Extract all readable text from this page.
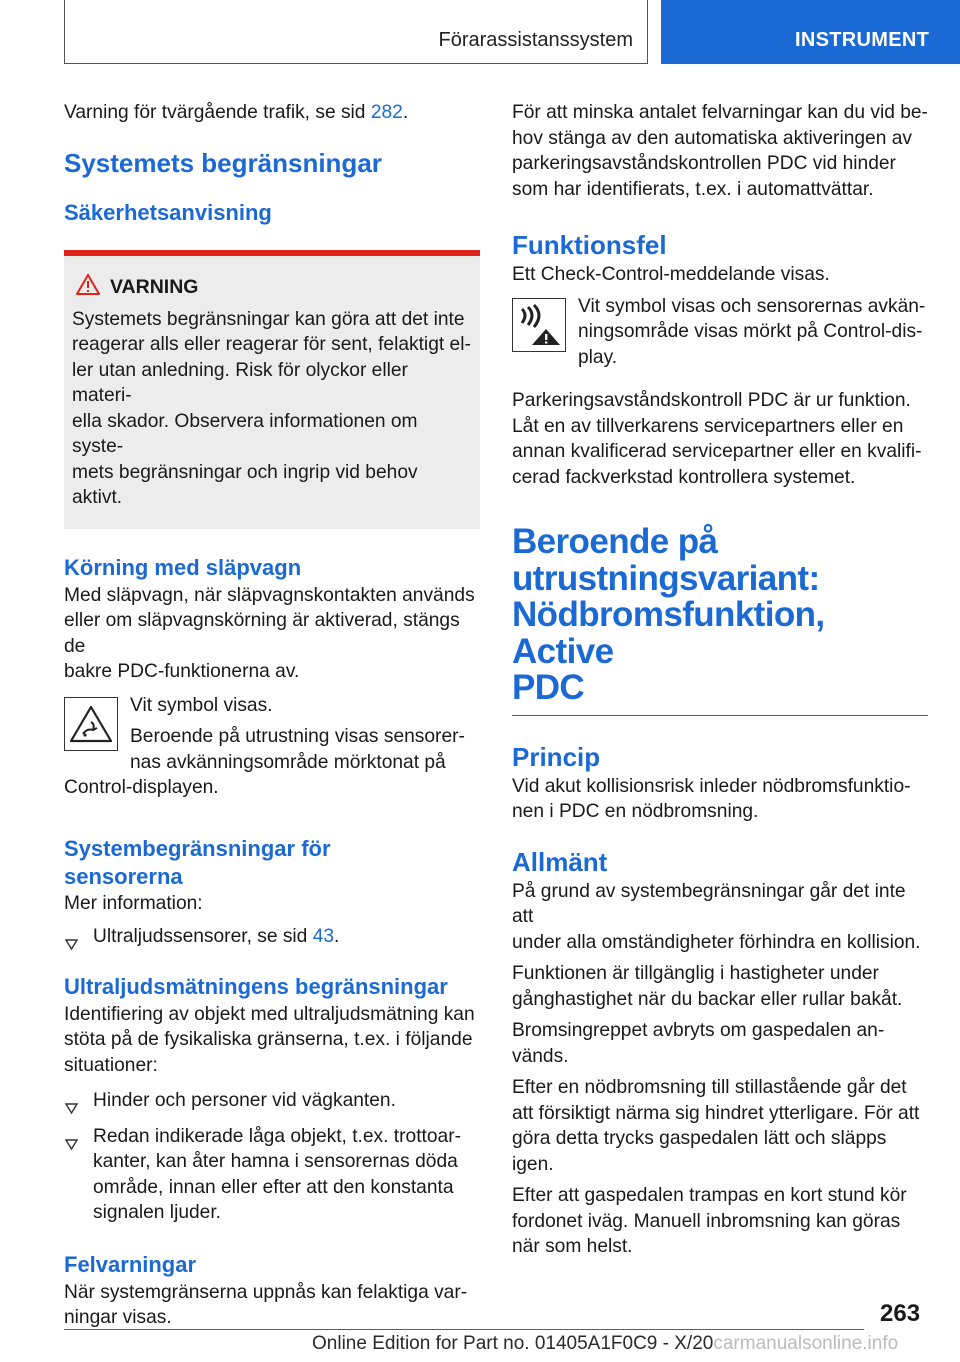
Förarassistanssystem	INSTRUMENT

Varning för tvärgående trafik, se sid 282.

Systemets begränsningar
Säkerhetsanvisning
VARNING

Systemets begränsningar kan göra att det inte
reagerar alls eller reagerar för sent, felaktigt el-
ler utan anledning. Risk för olyckor eller materi-
ella skador. Observera informationen om syste-
mets begränsningar och ingrip vid behov aktivt.

Körning med släpvagn

Med släpvagn, när släpvagnskontakten används
eller om släpvagnskörning är aktiverad, stängs de
bakre PDC-funktionerna av.

Vit symbol visas.

Beroende på utrustning visas sensorer-
nas avkänningsområde mörktonat på

Control-displayen.

Systembegränsningar för
sensorerna

Mer information:

Ultraljudssensorer, se sid 43.
Ultraljudsmätningens begränsningar

Identifiering av objekt med ultraljudsmätning kan
stöta på de fysikaliska gränserna, t.ex. i följande
situationer:

Hinder och personer vid vägkanten.
Redan indikerade låga objekt, t.ex. trottoar-
kanter, kan åter hamna i sensorernas döda
område, innan eller efter att den konstanta
signalen ljuder.
Felvarningar

När systemgränserna uppnås kan felaktiga var-
ningar visas.

För att minska antalet felvarningar kan du vid be-
hov stänga av den automatiska aktiveringen av
parkeringsavståndskontrollen PDC vid hinder
som har identifierats, t.ex. i automattvättar.

Funktionsfel

Ett Check-Control-meddelande visas.

Vit symbol visas och sensorernas avkän-
ningsområde visas mörkt på Control-dis-
play.

Parkeringsavståndskontroll PDC är ur funktion.
Låt en av tillverkarens servicepartners eller en
annan kvalificerad servicepartner eller en kvalifi-
cerad fackverkstad kontrollera systemet.

Beroende på
utrustningsvariant:
Nödbromsfunktion, Active
PDC
Princip

Vid akut kollisionsrisk inleder nödbromsfunktio-
nen i PDC en nödbromsning.

Allmänt

På grund av systembegränsningar går det inte att
under alla omständigheter förhindra en kollision.

Funktionen är tillgänglig i hastigheter under
gånghastighet när du backar eller rullar bakåt.

Bromsingreppet avbryts om gaspedalen an-
vänds.

Efter en nödbromsning till stillastående går det
att försiktigt närma sig hindret ytterligare. För att
göra detta trycks gaspedalen lätt och släpps
igen.

Efter att gaspedalen trampas en kort stund kör
fordonet iväg. Manuell inbromsning kan göras
när som helst.

263
Online Edition for Part no. 01405A1F0C9 - X/20carmanualsonline.info
